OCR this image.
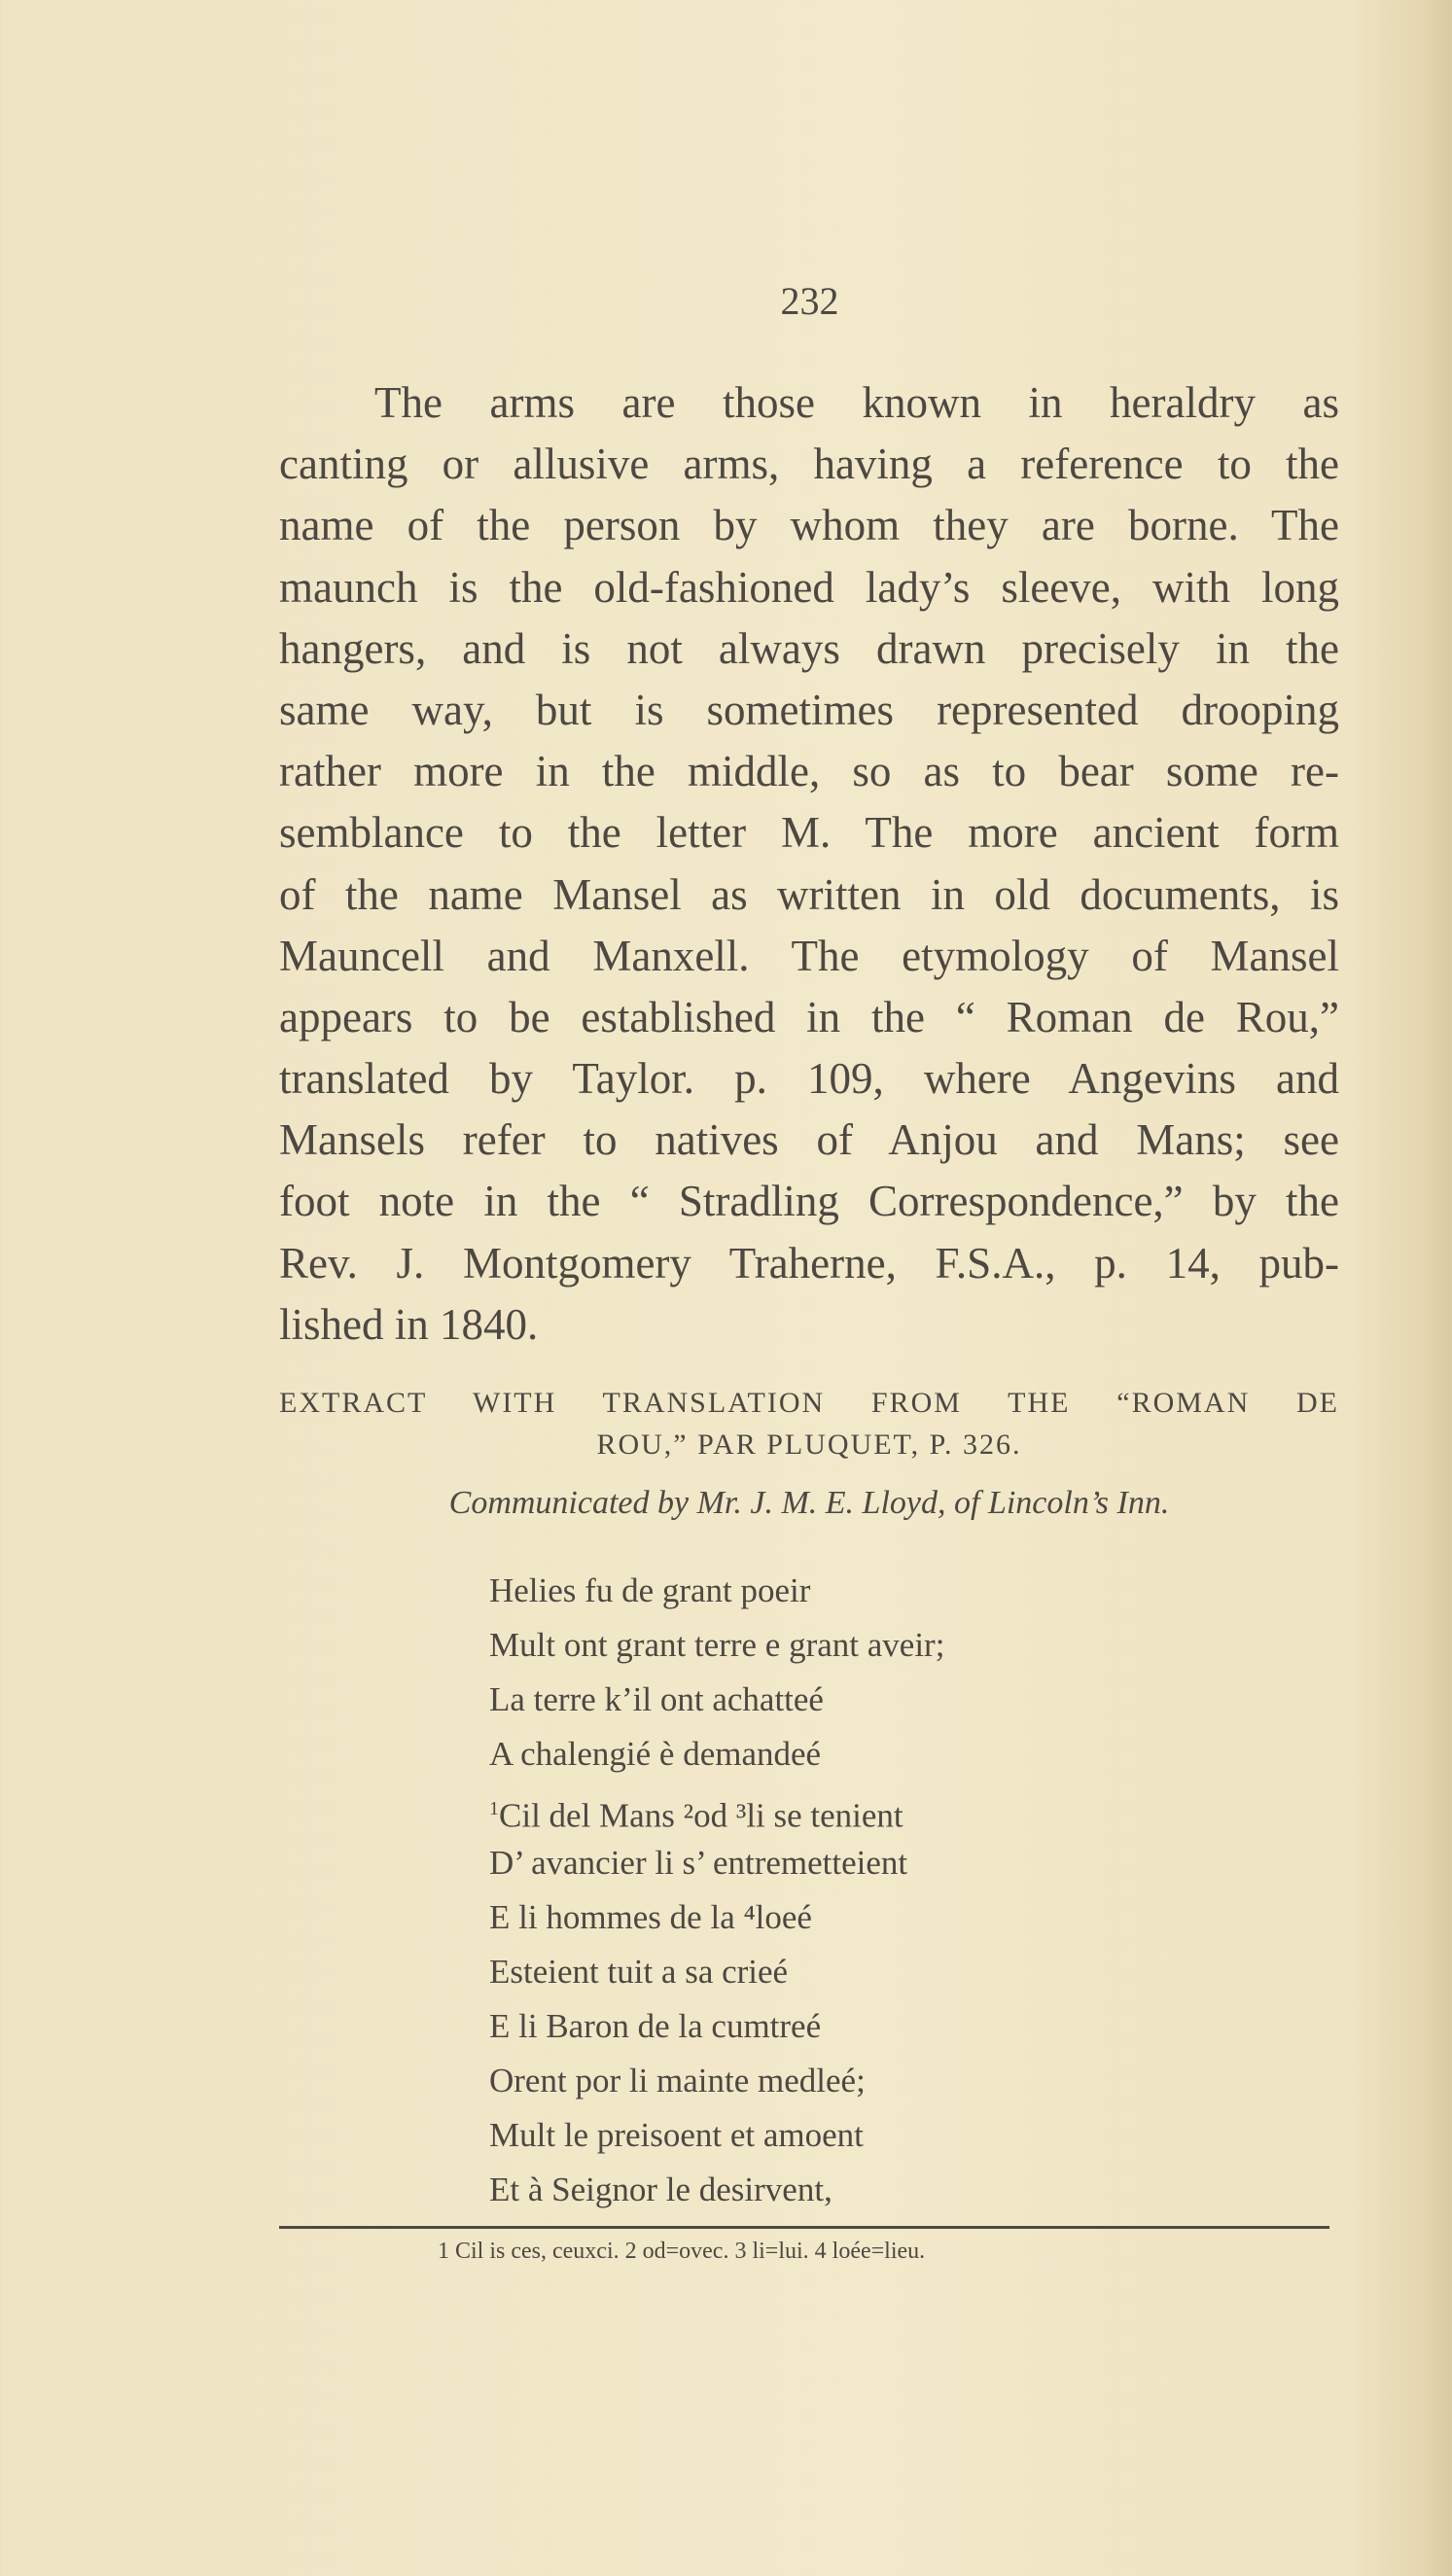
232
The arms are those known in heraldry as
canting or allusive arms, having a reference to the
name of the person by whom they are borne. The
maunch is the old-fashioned lady’s sleeve, with long
hangers, and is not always drawn precisely in the
same way, but is sometimes represented drooping
rather more in the middle, so as to bear some re-
semblance to the letter M. The more ancient form
of the name Mansel as written in old documents, is
Mauncell and Manxell. The etymology of Mansel
appears to be established in the “ Roman de Rou,”
translated by Taylor. p. 109, where Angevins and
Mansels refer to natives of Anjou and Mans; see
foot note in the “ Stradling Correspondence,” by the
Rev. J. Montgomery Traherne, F.S.A., p. 14, pub-
lished in 1840.
EXTRACT WITH TRANSLATION FROM THE “ROMAN DE
ROU,” PAR PLUQUET, P. 326.
Communicated by Mr. J. M. E. Lloyd, of Lincoln’s Inn.
Helies fu de grant poeir
Mult ont grant terre e grant aveir;
La terre k’il ont achatteé
A chalengié è demandeé
$^1$Cil del Mans ²od ³li se tenient
D’ avancier li s’ entremetteient
E li hommes de la ⁴loeé
Esteient tuit a sa crieé
E li Baron de la cumtreé
Orent por li mainte medleé;
Mult le preisoent et amoent
Et à Seignor le desirvent,
1 Cil is ces, ceuxci. 2 od=ovec. 3 li=lui. 4 loée=lieu.
